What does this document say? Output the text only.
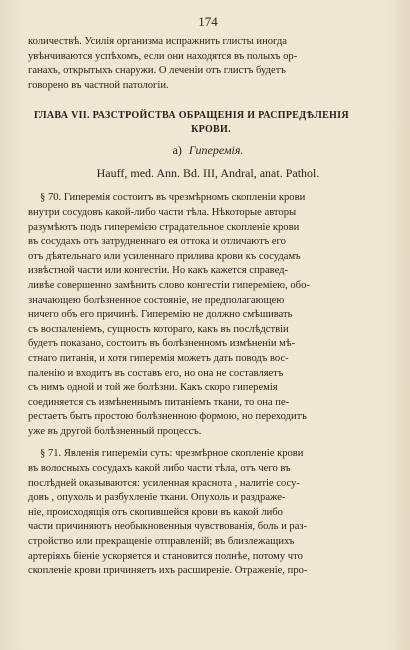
174

количествѣ. Усилія организма испражнить глисты иногда
увѣнчиваются успѣхомъ, если они находятся въ полыхъ ор-
ганахъ, открытыхъ снаружи. О леченіи отъ глистъ будетъ
говорено въ частной патологіи.

ГЛАВА VII. РАЗСТРОЙСТВА ОБРАЩЕНІЯ И РАСПРЕДѢЛЕНІЯ
КРОВИ.
a) Гиперемія.
Hauff, med. Ann. Bd. III, Andral, anat. Pathol.

§ 70. Гиперемія состоитъ въ чрезмѣрномъ скопленіи крови
внутри сосудовъ какой-либо части тѣла. Нѣкоторые авторы
разумѣютъ подъ гиперемією страдательное скопленіе крови
въ сосудахъ отъ затрудненнаго ея оттока и отличаютъ его
отъ дѣятельнаго или усиленнаго прилива крови къ сосудамъ
извѣстной части или конгестіи. Но какъ кажется справед-
ливѣе совершенно замѣнить слово конгестіи гипереміею, обо-
значающею болѣзненное состояніе, не предполагающею
ничего объ его причинѣ. Гиперемію не должно смѣшивать
съ воспаленіемъ, сущность котораго, какъ въ послѣдствіи
будетъ показано, состоитъ въ болѣзненномъ измѣненіи мѣ-
стнаго питанія, и хотя гиперемія можетъ дать поводъ вос-
паленію и входитъ въ составъ его, но она не составляетъ
съ нимъ одной и той же болѣзни. Какъ скоро гиперемія
соединяется съ измѣненнымъ питаніемъ ткани, то она пе-
рестаетъ быть простою болѣзненною формою, но переходитъ
уже въ другой болѣзненный процессъ.

§ 71. Явленія гипереміи суть: чрезмѣрное скопленіе крови
въ волосныхъ сосудахъ какой либо части тѣла, отъ чего въ
послѣдней оказываются: усиленная краснота , налитіе сосу-
довъ , опухоль и разбухленіе ткани. Опухоль и раздраже-
ніе, происходящія отъ скопившейся крови въ какой либо
части причиняютъ необыкновенныя чувствованія, боль и раз-
стройство или прекращеніе отправленій; въ близлежащихъ
артеріяхъ біеніе ускоряется и становится полнѣе, потому что
скопленіе крови причиняетъ ихъ расширеніе. Отраженіе, про-
